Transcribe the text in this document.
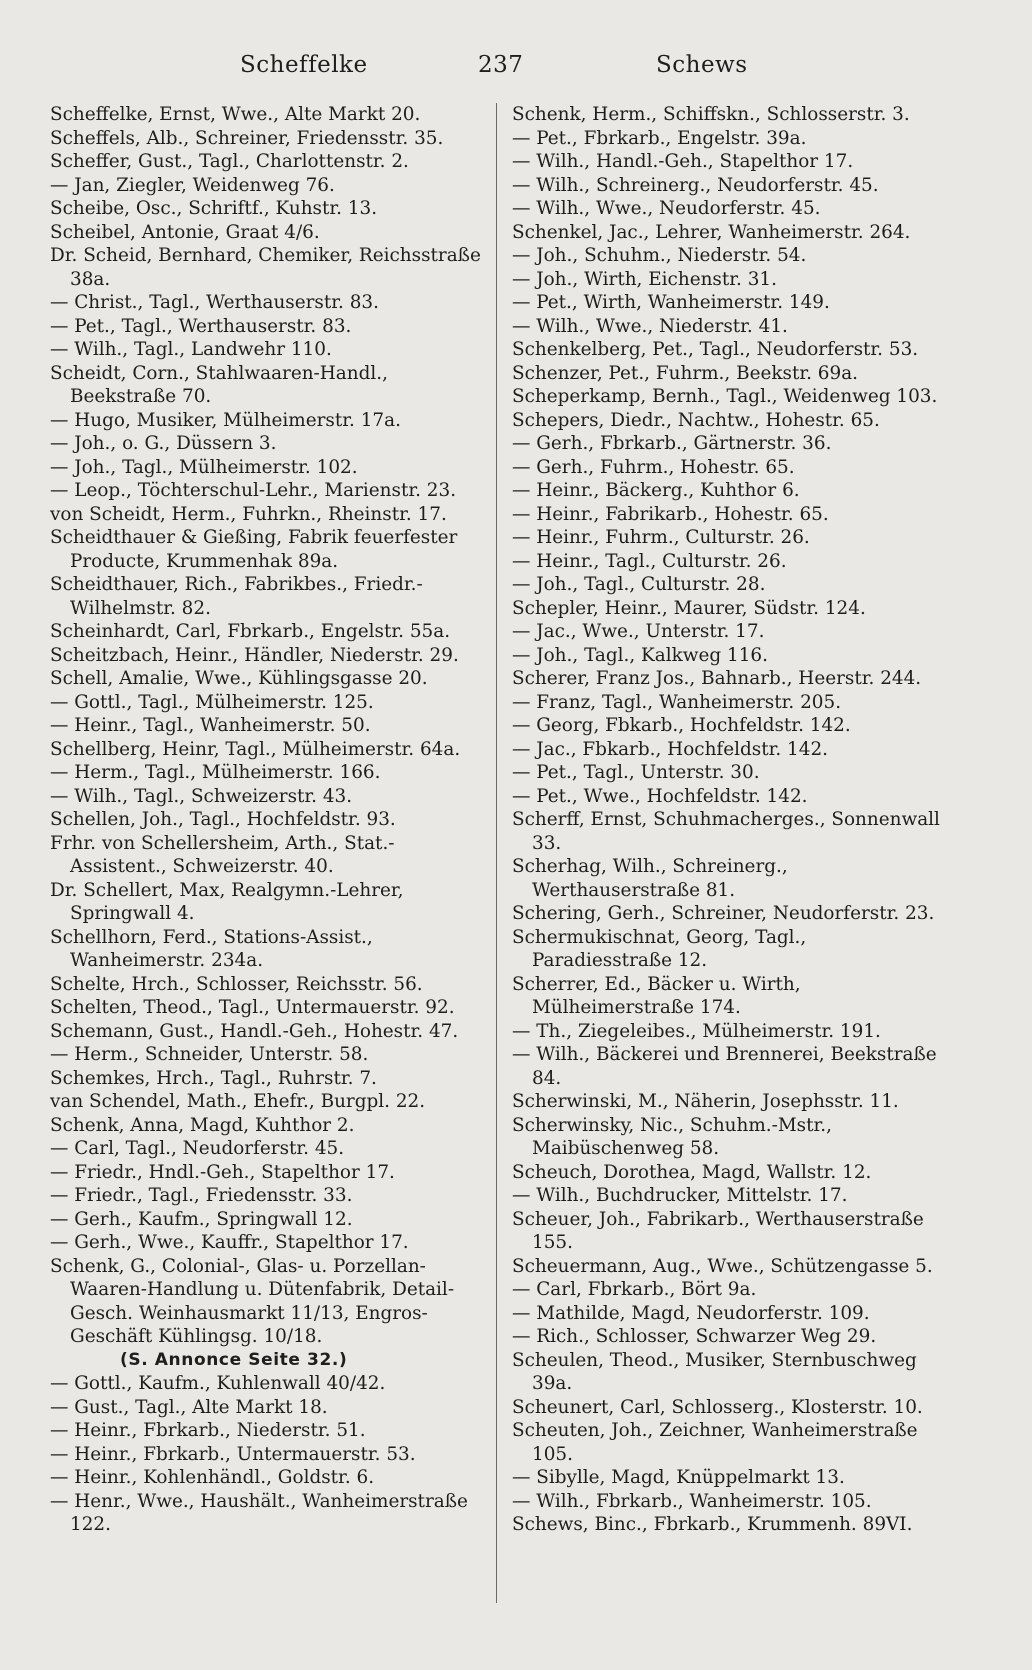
Scheffelke	237	Schews

Scheffelke, Ernst, Wwe., Alte Markt 20.

Scheffels, Alb., Schreiner, Friedensstr. 35.

Scheffer, Gust., Tagl., Charlottenstr. 2.

— Jan, Ziegler, Weidenweg 76.

Scheibe, Osc., Schriftf., Kuhstr. 13.

Scheibel, Antonie, Graat 4/6.

Dr. Scheid, Bernhard, Chemiker, Reichsstraße 38a.

— Christ., Tagl., Werthauserstr. 83.

— Pet., Tagl., Werthauserstr. 83.

— Wilh., Tagl., Landwehr 110.

Scheidt, Corn., Stahlwaaren-Handl., Beekstraße 70.

— Hugo, Musiker, Mülheimerstr. 17a.

— Joh., o. G., Düssern 3.

— Joh., Tagl., Mülheimerstr. 102.

— Leop., Töchterschul-Lehr., Marienstr. 23.

von Scheidt, Herm., Fuhrkn., Rheinstr. 17.

Scheidthauer & Gießing, Fabrik feuerfester Producte, Krummenhak 89a.

Scheidthauer, Rich., Fabrikbes., Friedr.-Wilhelmstr. 82.

Scheinhardt, Carl, Fbrkarb., Engelstr. 55a.

Scheitzbach, Heinr., Händler, Niederstr. 29.

Schell, Amalie, Wwe., Kühlingsgasse 20.

— Gottl., Tagl., Mülheimerstr. 125.

— Heinr., Tagl., Wanheimerstr. 50.

Schellberg, Heinr, Tagl., Mülheimerstr. 64a.

— Herm., Tagl., Mülheimerstr. 166.

— Wilh., Tagl., Schweizerstr. 43.

Schellen, Joh., Tagl., Hochfeldstr. 93.

Frhr. von Schellersheim, Arth., Stat.-Assistent., Schweizerstr. 40.

Dr. Schellert, Max, Realgymn.-Lehrer, Springwall 4.

Schellhorn, Ferd., Stations-Assist., Wanheimerstr. 234a.

Schelte, Hrch., Schlosser, Reichsstr. 56.

Schelten, Theod., Tagl., Untermauerstr. 92.

Schemann, Gust., Handl.-Geh., Hohestr. 47.

— Herm., Schneider, Unterstr. 58.

Schemkes, Hrch., Tagl., Ruhrstr. 7.

van Schendel, Math., Ehefr., Burgpl. 22.

Schenk, Anna, Magd, Kuhthor 2.

— Carl, Tagl., Neudorferstr. 45.

— Friedr., Hndl.-Geh., Stapelthor 17.

— Friedr., Tagl., Friedensstr. 33.

— Gerh., Kaufm., Springwall 12.

— Gerh., Wwe., Kauffr., Stapelthor 17.

Schenk, G., Colonial-, Glas- u. Porzellan-Waaren-Handlung u. Dütenfabrik, Detail-Gesch. Weinhausmarkt 11/13, Engros-Geschäft Kühlingsg. 10/18.

(S. Annonce Seite 32.)

— Gottl., Kaufm., Kuhlenwall 40/42.

— Gust., Tagl., Alte Markt 18.

— Heinr., Fbrkarb., Niederstr. 51.

— Heinr., Fbrkarb., Untermauerstr. 53.

— Heinr., Kohlenhändl., Goldstr. 6.

— Henr., Wwe., Haushält., Wanheimerstraße 122.

Schenk, Herm., Schiffskn., Schlosserstr. 3.

— Pet., Fbrkarb., Engelstr. 39a.

— Wilh., Handl.-Geh., Stapelthor 17.

— Wilh., Schreinerg., Neudorferstr. 45.

— Wilh., Wwe., Neudorferstr. 45.

Schenkel, Jac., Lehrer, Wanheimerstr. 264.

— Joh., Schuhm., Niederstr. 54.

— Joh., Wirth, Eichenstr. 31.

— Pet., Wirth, Wanheimerstr. 149.

— Wilh., Wwe., Niederstr. 41.

Schenkelberg, Pet., Tagl., Neudorferstr. 53.

Schenzer, Pet., Fuhrm., Beekstr. 69a.

Scheperkamp, Bernh., Tagl., Weidenweg 103.

Schepers, Diedr., Nachtw., Hohestr. 65.

— Gerh., Fbrkarb., Gärtnerstr. 36.

— Gerh., Fuhrm., Hohestr. 65.

— Heinr., Bäckerg., Kuhthor 6.

— Heinr., Fabrikarb., Hohestr. 65.

— Heinr., Fuhrm., Culturstr. 26.

— Heinr., Tagl., Culturstr. 26.

— Joh., Tagl., Culturstr. 28.

Schepler, Heinr., Maurer, Südstr. 124.

— Jac., Wwe., Unterstr. 17.

— Joh., Tagl., Kalkweg 116.

Scherer, Franz Jos., Bahnarb., Heerstr. 244.

— Franz, Tagl., Wanheimerstr. 205.

— Georg, Fbkarb., Hochfeldstr. 142.

— Jac., Fbkarb., Hochfeldstr. 142.

— Pet., Tagl., Unterstr. 30.

— Pet., Wwe., Hochfeldstr. 142.

Scherff, Ernst, Schuhmacherges., Sonnenwall 33.

Scherhag, Wilh., Schreinerg., Werthauserstraße 81.

Schering, Gerh., Schreiner, Neudorferstr. 23.

Schermukischnat, Georg, Tagl., Paradiesstraße 12.

Scherrer, Ed., Bäcker u. Wirth, Mülheimerstraße 174.

— Th., Ziegeleibes., Mülheimerstr. 191.

— Wilh., Bäckerei und Brennerei, Beekstraße 84.

Scherwinski, M., Näherin, Josephsstr. 11.

Scherwinsky, Nic., Schuhm.-Mstr., Maibüschenweg 58.

Scheuch, Dorothea, Magd, Wallstr. 12.

— Wilh., Buchdrucker, Mittelstr. 17.

Scheuer, Joh., Fabrikarb., Werthauserstraße 155.

Scheuermann, Aug., Wwe., Schützengasse 5.

— Carl, Fbrkarb., Bört 9a.

— Mathilde, Magd, Neudorferstr. 109.

— Rich., Schlosser, Schwarzer Weg 29.

Scheulen, Theod., Musiker, Sternbuschweg 39a.

Scheunert, Carl, Schlosserg., Klosterstr. 10.

Scheuten, Joh., Zeichner, Wanheimerstraße 105.

— Sibylle, Magd, Knüppelmarkt 13.

— Wilh., Fbrkarb., Wanheimerstr. 105.

Schews, Binc., Fbrkarb., Krummenh. 89VI.
